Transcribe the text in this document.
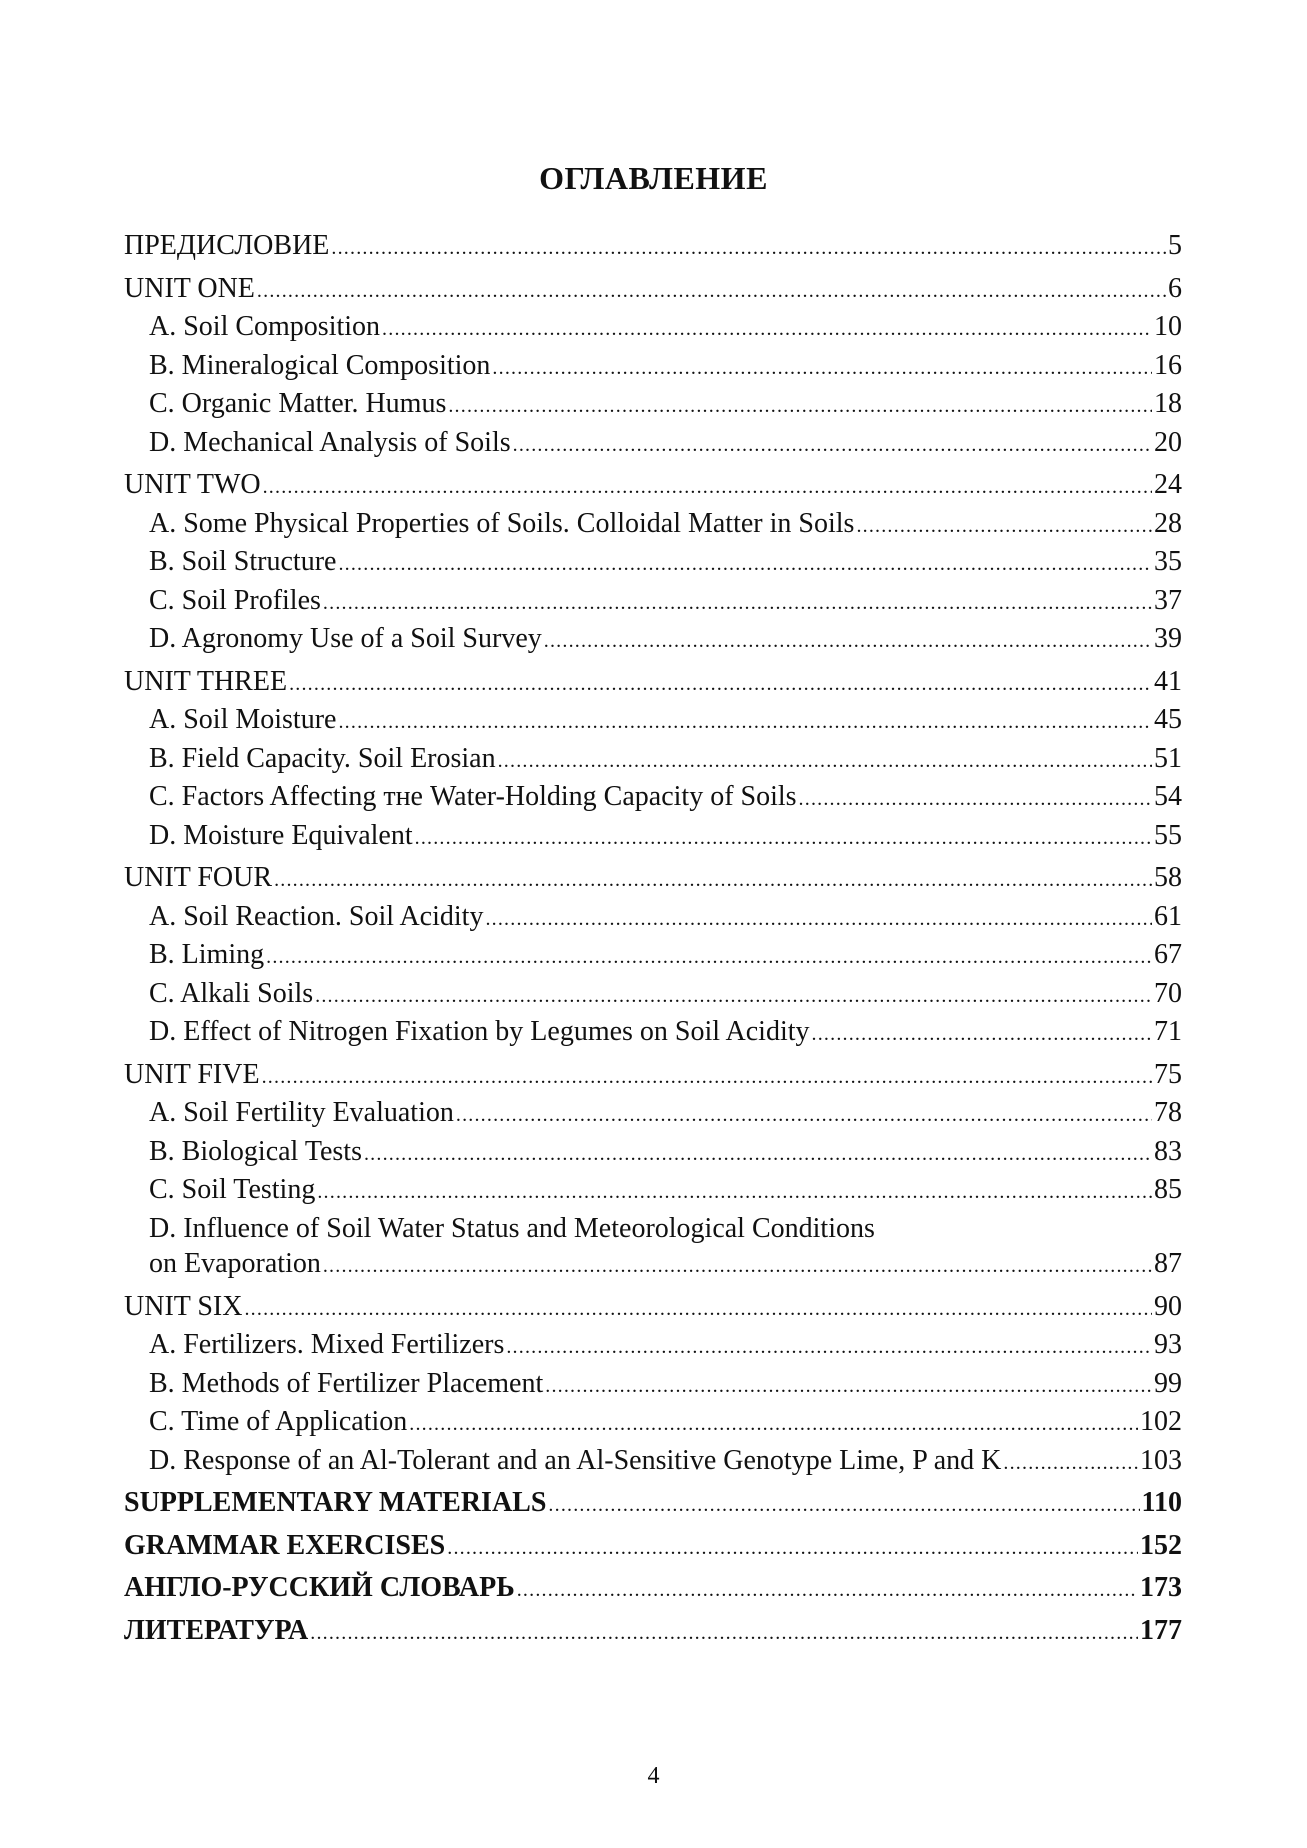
ОГЛАВЛЕНИЕ
ПРЕДИСЛОВИЕ .....	5
UNIT ONE .....	6
A. Soil Composition .....	10
B. Mineralogical Composition .....	16
C. Organic Matter. Humus .....	18
D. Mechanical Analysis of Soils .....	20
UNIT TWO .....	24
A. Some Physical Properties of Soils. Colloidal Matter in Soils .....	28
B. Soil Structure .....	35
C. Soil Profiles .....	37
D. Agronomy Use of a Soil Survey .....	39
UNIT THREE .....	41
A. Soil Moisture .....	45
B. Field Capacity. Soil Erosian .....	51
C. Factors Affecting тне Water-Holding Capacity of Soils .....	54
D. Moisture Equivalent .....	55
UNIT FOUR .....	58
A. Soil Reaction. Soil Acidity .....	61
B. Liming .....	67
C. Alkali Soils .....	70
D. Effect of Nitrogen Fixation by Legumes on Soil Acidity .....	71
UNIT FIVE .....	75
A. Soil Fertility Evaluation .....	78
B. Biological Tests .....	83
C. Soil Testing .....	85
D. Influence of Soil Water Status and Meteorological Conditions
on Evaporation .....	87
UNIT SIX .....	90
A. Fertilizers. Mixed Fertilizers .....	93
B. Methods of Fertilizer Placement .....	99
C. Time of Application .....	102
D. Response of an Al-Tolerant and an Al-Sensitive Genotype Lime, P and K .....	103
SUPPLEMENTARY MATERIALS .....	110
GRAMMAR EXERCISES .....	152
АНГЛО-РУССКИЙ СЛОВАРЬ .....	173
ЛИТЕРАТУРА .....	177
4
